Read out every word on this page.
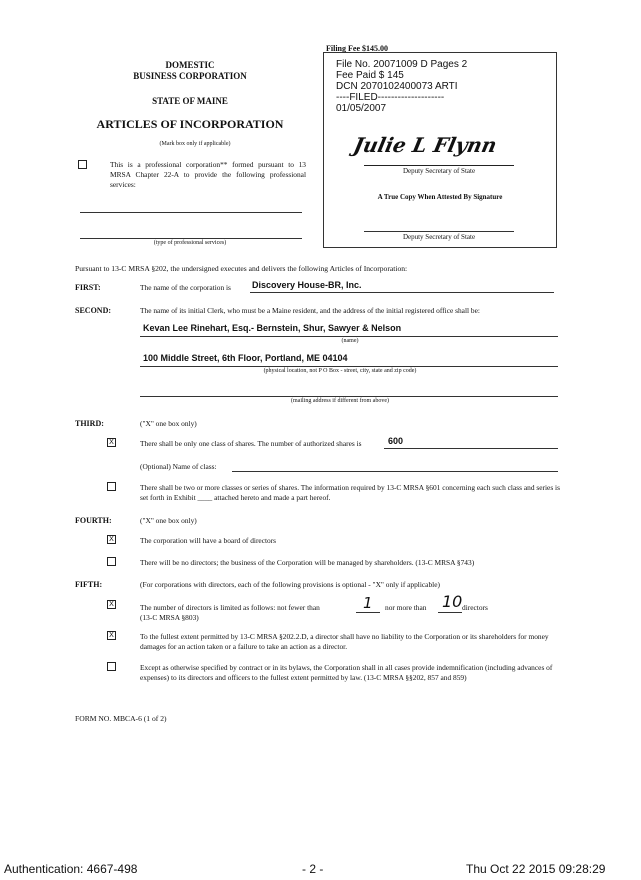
Filing Fee $145.00
DOMESTIC
BUSINESS CORPORATION
STATE OF MAINE
ARTICLES OF INCORPORATION
(Mark box only if applicable)
This is a professional corporation** formed pursuant to 13 MRSA Chapter 22-A to provide the following professional services:
(type of professional services)
File No. 20071009 D Pages 2
Fee Paid $ 145
DCN 2070102400073 ARTI
----FILED--------------------
01/05/2007
Julie L Flynn
Deputy Secretary of State
A True Copy When Attested By Signature
Deputy Secretary of State
Pursuant to 13-C MRSA §202, the undersigned executes and delivers the following Articles of Incorporation:
FIRST:	The name of the corporation is Discovery House-BR, Inc.
SECOND:	The name of its initial Clerk, who must be a Maine resident, and the address of the initial registered office shall be:
Kevan Lee Rinehart, Esq.- Bernstein, Shur, Sawyer & Nelson
(name)
100 Middle Street, 6th Floor, Portland, ME 04104
(physical location, not P O Box - street, city, state and zip code)
(mailing address if different from above)
THIRD:	("X" one box only)
X	There shall be only one class of shares. The number of authorized shares is	600
(Optional) Name of class:
There shall be two or more classes or series of shares. The information required by 13-C MRSA §601 concerning each such class and series is set forth in Exhibit ____ attached hereto and made a part hereof.
FOURTH:	("X" one box only)
X	The corporation will have a board of directors
There will be no directors; the business of the Corporation will be managed by shareholders. (13-C MRSA §743)
FIFTH:	(For corporations with directors, each of the following provisions is optional - "X" only if applicable)
X	The number of directors is limited as follows: not fewer than	1 nor more than 10 directors
(13-C MRSA §803)
X	To the fullest extent permitted by 13-C MRSA §202.2.D, a director shall have no liability to the Corporation or its shareholders for money damages for an action taken or a failure to take an action as a director.
Except as otherwise specified by contract or in its bylaws, the Corporation shall in all cases provide indemnification (including advances of expenses) to its directors and officers to the fullest extent permitted by law. (13-C MRSA §§202, 857 and 859)
FORM NO. MBCA-6 (1 of 2)
Authentication: 4667-498	- 2 -	Thu Oct 22 2015 09:28:29
